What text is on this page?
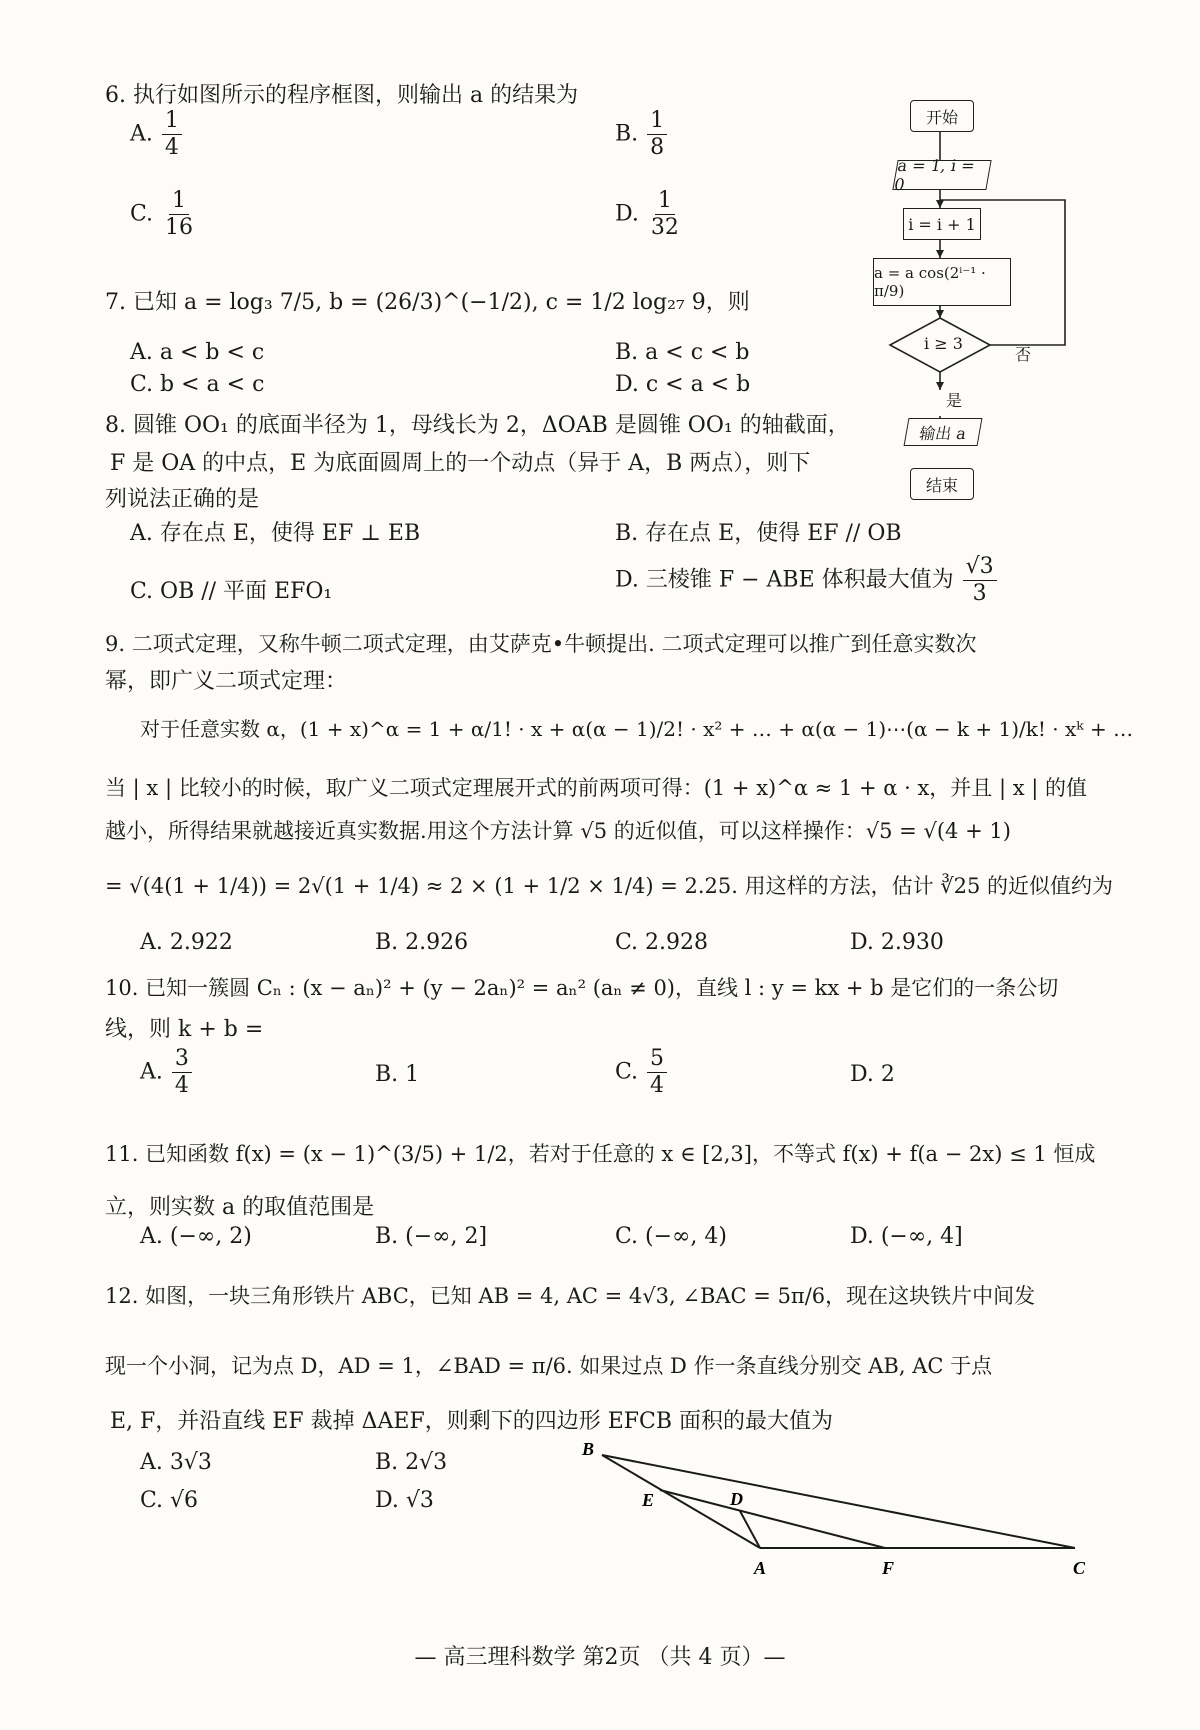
6. 执行如图所示的程序框图，则输出 a 的结果为
A. $\frac{1}{4}$	B. $\frac{1}{8}$
C. $\frac{1}{16}$	D. $\frac{1}{32}$
开始
a = 1, i = 0
i = i + 1
a = a cos(2ⁱ⁻¹ · π/9)
i ≥ 3
否
是
输出 a
结束
7. 已知 a = log₃ 7/5, b = (26/3)^(−1/2), c = 1/2 log₂₇ 9，则
A. a < b < c	B. a < c < b
C. b < a < c	D. c < a < b
8. 圆锥 OO₁ 的底面半径为 1，母线长为 2，ΔOAB 是圆锥 OO₁ 的轴截面，
F 是 OA 的中点，E 为底面圆周上的一个动点（异于 A，B 两点），则下
列说法正确的是
A. 存在点 E，使得 EF ⊥ EB	B. 存在点 E，使得 EF // OB
C. OB // 平面 EFO₁	D. 三棱锥 F − ABE 体积最大值为 $\frac{√3}{3}$
9. 二项式定理，又称牛顿二项式定理，由艾萨克•牛顿提出. 二项式定理可以推广到任意实数次
幂，即广义二项式定理：
对于任意实数 α，(1 + x)^α = 1 + α/1! · x + α(α − 1)/2! · x² + … + α(α − 1)⋯(α − k + 1)/k! · xᵏ + …
当 | x | 比较小的时候，取广义二项式定理展开式的前两项可得：(1 + x)^α ≈ 1 + α · x，并且 | x | 的值
越小，所得结果就越接近真实数据.用这个方法计算 √5 的近似值，可以这样操作：√5 = √(4 + 1)
= √(4(1 + 1/4)) = 2√(1 + 1/4) ≈ 2 × (1 + 1/2 × 1/4) = 2.25. 用这样的方法，估计 ∛25 的近似值约为
A. 2.922	B. 2.926	C. 2.928	D. 2.930
10. 已知一簇圆 Cₙ : (x − aₙ)² + (y − 2aₙ)² = aₙ² (aₙ ≠ 0)，直线 l : y = kx + b 是它们的一条公切
线，则 k + b =
A. $\frac{3}{4}$	B. 1	C. $\frac{5}{4}$	D. 2
11. 已知函数 f(x) = (x − 1)^(3/5) + 1/2，若对于任意的 x ∈ [2,3]，不等式 f(x) + f(a − 2x) ≤ 1 恒成
立，则实数 a 的取值范围是
A. (−∞, 2)	B. (−∞, 2]	C. (−∞, 4)	D. (−∞, 4]
12. 如图，一块三角形铁片 ABC，已知 AB = 4, AC = 4√3, ∠BAC = 5π/6，现在这块铁片中间发
现一个小洞，记为点 D，AD = 1，∠BAD = π/6. 如果过点 D 作一条直线分别交 AB, AC 于点
E, F，并沿直线 EF 裁掉 ΔAEF，则剩下的四边形 EFCB 面积的最大值为
A. 3√3	B. 2√3
C. √6	D. √3
B
E	D
A	F	C
— 高三理科数学 第2页 （共 4 页）—
